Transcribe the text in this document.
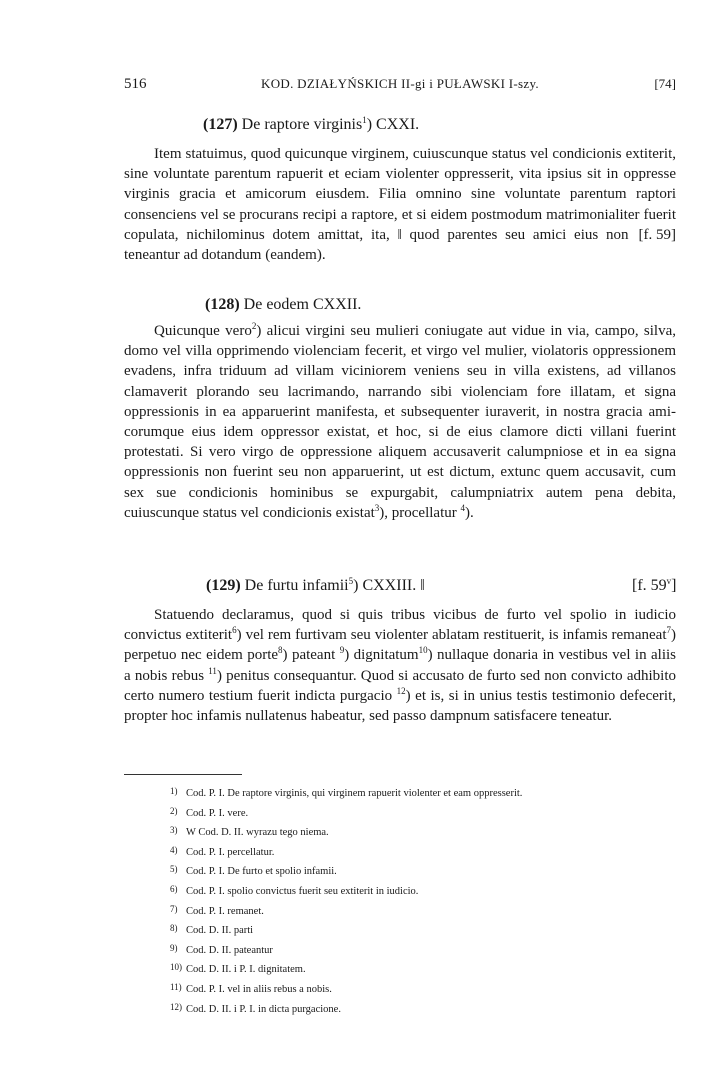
516	KOD. DZIAŁYŃSKICH II-gi i PUŁAWSKI I-szy.	[74]
(127) De raptore virginis$^1$) CXXI.

Item statuimus, quod quicunque virginem, cuiuscunque status vel condicionis extiterit, sine voluntate parentum rapuerit et eciam violenter oppresserit, vita ipsius sit in oppresse virginis gracia et amicorum eiusdem. Filia omnino sine voluntate parentum raptori consenciens vel se procurans recipi a raptore, et si eidem postmodum matrimonialiter fuerit copulata, nichilominus dotem amittat, ita, ‖ quod parentes seu	[f. 59]
amici eius non teneantur ad dotandum (eandem).

(128) De eodem CXXII.

Quicunque vero$^2$) alicui virgini seu mulieri coniugate aut vidue in via, campo, silva, domo vel villa opprimendo violenciam fecerit, et virgo vel mulier, violatoris oppressionem evadens, infra triduum ad villam viciniorem veniens seu in villa existens, ad villanos clamaverit plorando seu lacrimando, narrando sibi violenciam fore illatam, et signa oppressionis in ea apparuerint manifesta, et subsequenter iuraverit, in nostra gracia amicorumque eius idem oppressor existat, et hoc, si de eius clamore dicti villani fuerint protestati. Si vero virgo de oppressione aliquem accusaverit calumpniose et in ea signa oppressionis non fuerint seu non apparuerint, ut est dictum, extunc quem accusavit, cum sex sue condicionis hominibus se expurgabit, calumpniatrix autem pena debita, cuiuscunque status vel condicionis existat$^3$), procellatur $^4$).

(129) De furtu infamii$^5$) CXXIII. ‖	[f. 59$^v$]

Statuendo declaramus, quod si quis tribus vicibus de furto vel spolio in iudicio convictus extiterit$^6$) vel rem furtivam seu violenter ablatam restituerit, is infamis remaneat$^7$) perpetuo nec eidem porte$^8$) pateant $^9$) dignitatum$^{10}$) nullaque donaria in vestibus vel in aliis a nobis rebus $^{11}$) penitus consequantur. Quod si accusato de furto sed non convicto adhibito certo numero testium fuerit indicta purgacio $^{12}$) et is, si in unius testis testimonio defecerit, propter hoc infamis nullatenus habeatur, sed passo dampnum satisfacere teneatur.

1) Cod. P. I. De raptore virginis, qui virginem rapuerit violenter et eam oppresserit.
2) Cod. P. I. vere.
3) W Cod. D. II. wyrazu tego niema.
4) Cod. P. I. percellatur.
5) Cod. P. I. De furto et spolio infamii.
6) Cod. P. I. spolio convictus fuerit seu extiterit in iudicio.
7) Cod. P. I. remanet.
8) Cod. D. II. parti
9) Cod. D. II. pateantur
10) Cod. D. II. i P. I. dignitatem.
11) Cod. P. I. vel in aliis rebus a nobis.
12) Cod. D. II. i P. I. in dicta purgacione.
